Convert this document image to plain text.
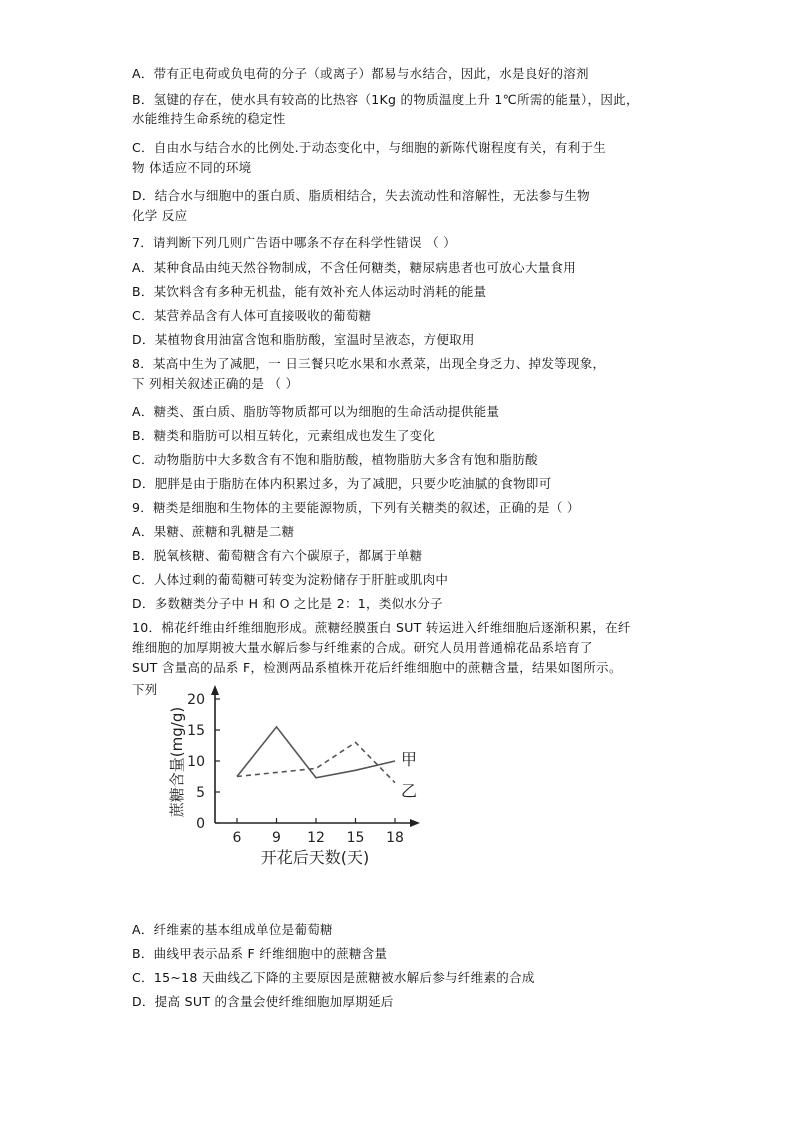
A．带有正电荷或负电荷的分子（或离子）都易与水结合，因此，水是良好的溶剂
B．氢键的存在，使水具有较高的比热容（1Kg 的物质温度上升 1℃所需的能量），因此，
水能维持生命系统的稳定性
C．自由水与结合水的比例处.于动态变化中，与细胞的新陈代谢程度有关，有利于生
物 体适应不同的环境
D．结合水与细胞中的蛋白质、脂质相结合，失去流动性和溶解性，无法参与生物
化学 反应
7．请判断下列几则广告语中哪条不存在科学性错误 （ ）
A．某种食品由纯天然谷物制成，不含任何糖类，糖尿病患者也可放心大量食用
B．某饮料含有多种无机盐，能有效补充人体运动时消耗的能量
C．某营养品含有人体可直接吸收的葡萄糖
D．某植物食用油富含饱和脂肪酸，室温时呈液态，方便取用
8．某高中生为了减肥，一 日三餐只吃水果和水煮菜，出现全身乏力、掉发等现象，
下 列相关叙述正确的是 （ ）
A．糖类、蛋白质、脂肪等物质都可以为细胞的生命活动提供能量
B．糖类和脂肪可以相互转化，元素组成也发生了变化
C．动物脂肪中大多数含有不饱和脂肪酸，植物脂肪大多含有饱和脂肪酸
D．肥胖是由于脂肪在体内积累过多，为了减肥，只要少吃油腻的食物即可
9．糖类是细胞和生物体的主要能源物质，下列有关糖类的叙述，正确的是（ ）
A．果糖、蔗糖和乳糖是二糖
B．脱氧核糖、葡萄糖含有六个碳原子，都属于单糖
C．人体过剩的葡萄糖可转变为淀粉储存于肝脏或肌肉中
D．多数糖类分子中 H 和 O 之比是 2：1，类似水分子
10．棉花纤维由纤维细胞形成。蔗糖经膜蛋白 SUT 转运进入纤维细胞后逐渐积累，在纤
维细胞的加厚期被大量水解后参与纤维素的合成。研究人员用普通棉花品系培育了
SUT 含量高的品系 F，检测两品系植株开花后纤维细胞中的蔗糖含量，结果如图所示。
下列
A．纤维素的基本组成单位是葡萄糖
B．曲线甲表示品系 F 纤维细胞中的蔗糖含量
C．15~18 天曲线乙下降的主要原因是蔗糖被水解后参与纤维素的合成
D．提高 SUT 的含量会使纤维细胞加厚期延后
0
5
10
15
20
6 9 12 15 18
开花后天数(天)
蔗糖含量(mg/g)	甲
乙
